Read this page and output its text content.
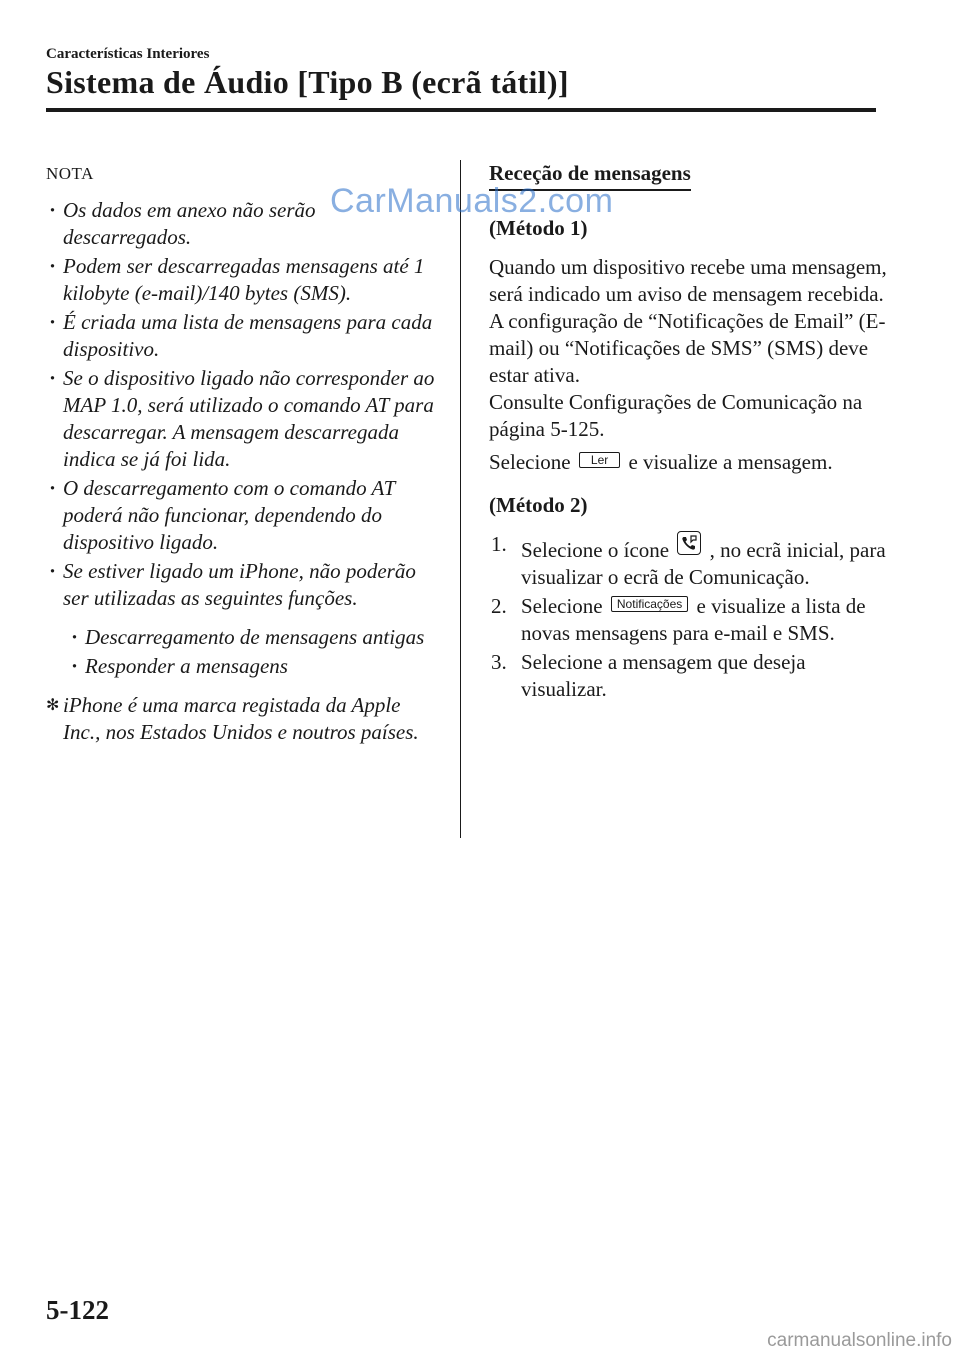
Características Interiores
Sistema de Áudio [Tipo B (ecrã tátil)]
NOTA
· Os dados em anexo não serão descarregados.
· Podem ser descarregadas mensagens até 1 kilobyte (e-mail)/140 bytes (SMS).
· É criada uma lista de mensagens para cada dispositivo.
· Se o dispositivo ligado não corresponder ao MAP 1.0, será utilizado o comando AT para descarregar. A mensagem descarregada indica se já foi lida.
· O descarregamento com o comando AT poderá não funcionar, dependendo do dispositivo ligado.
· Se estiver ligado um iPhone, não poderão ser utilizadas as seguintes funções.
· Descarregamento de mensagens antigas
· Responder a mensagens
✻ iPhone é uma marca registada da Apple Inc., nos Estados Unidos e noutros países.
Receção de mensagens
(Método 1)

Quando um dispositivo recebe uma mensagem, será indicado um aviso de mensagem recebida. A configuração de “Notificações de Email” (E-mail) ou “Notificações de SMS” (SMS) deve estar ativa.

Consulte Configurações de Comunicação na página 5-125.

Selecione Ler e visualize a mensagem.

(Método 2)
1. Selecione o ícone , no ecrã inicial, para visualizar o ecrã de Comunicação.
2. Selecione Notificações e visualize a lista de novas mensagens para e-mail e SMS.
3. Selecione a mensagem que deseja visualizar.
CarManuals2.com
5-122
carmanualsonline.info
